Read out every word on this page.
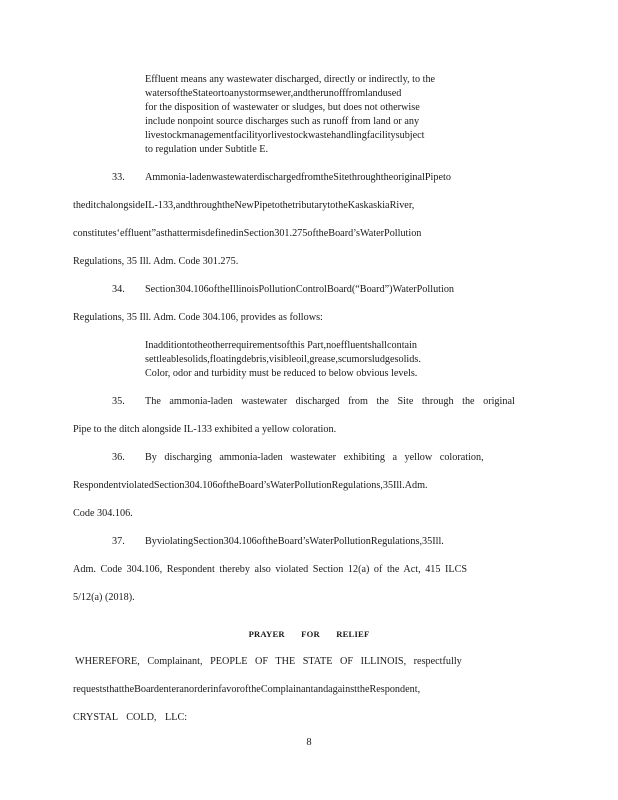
Effluent means any wastewater discharged, directly or indirectly, to the
watersoftheStateortoanystormsewer,andtherunofffromlandused
for the disposition of wastewater or sludges, but does not otherwise
include nonpoint source discharges such as runoff from land or any
livestockmanagementfacilityorlivestockwastehandlingfacilitysubject
to regulation under Subtitle E.
33. Ammonia-ladenwastewaterdischargedfromtheSitethroughtheoriginalPipeto
theditchalongsideIL-133,andthroughtheNewPipetothetributarytotheKaskaskiaRiver,
constitutes‘effluent”asthattermisdefinedinSection301.275oftheBoard’sWaterPollution
Regulations, 35 Ill. Adm. Code 301.275.
34. Section304.106oftheIllinoisPollutionControlBoard(“Board”)WaterPollution
Regulations, 35 Ill. Adm. Code 304.106, provides as follows:
Inadditiontotheotherrequirementsofthis Part,noeffluentshallcontain
settleablesolids,floatingdebris,visibleoil,grease,scumorsludgesolids.
Color, odor and turbidity must be reduced to below obvious levels.
35. The ammonia-laden wastewater discharged from the Site through the original
Pipe to the ditch alongside IL-133 exhibited a yellow coloration.
36. By discharging ammonia-laden wastewater exhibiting a yellow coloration,
RespondentviolatedSection304.106oftheBoard’sWaterPollutionRegulations,35Ill.Adm.
Code 304.106.
37. ByviolatingSection304.106oftheBoard’sWaterPollutionRegulations,35Ill.
Adm. Code 304.106, Respondent thereby also violated Section 12(a) of the Act, 415 ILCS
5/12(a) (2018).
PRAYER FOR RELIEF
WHEREFORE, Complainant, PEOPLE OF THE STATE OF ILLINOIS, respectfully
requeststhattheBoardenteranorderinfavoroftheComplainantandagainsttheRespondent,
CRYSTAL COLD, LLC:
8
